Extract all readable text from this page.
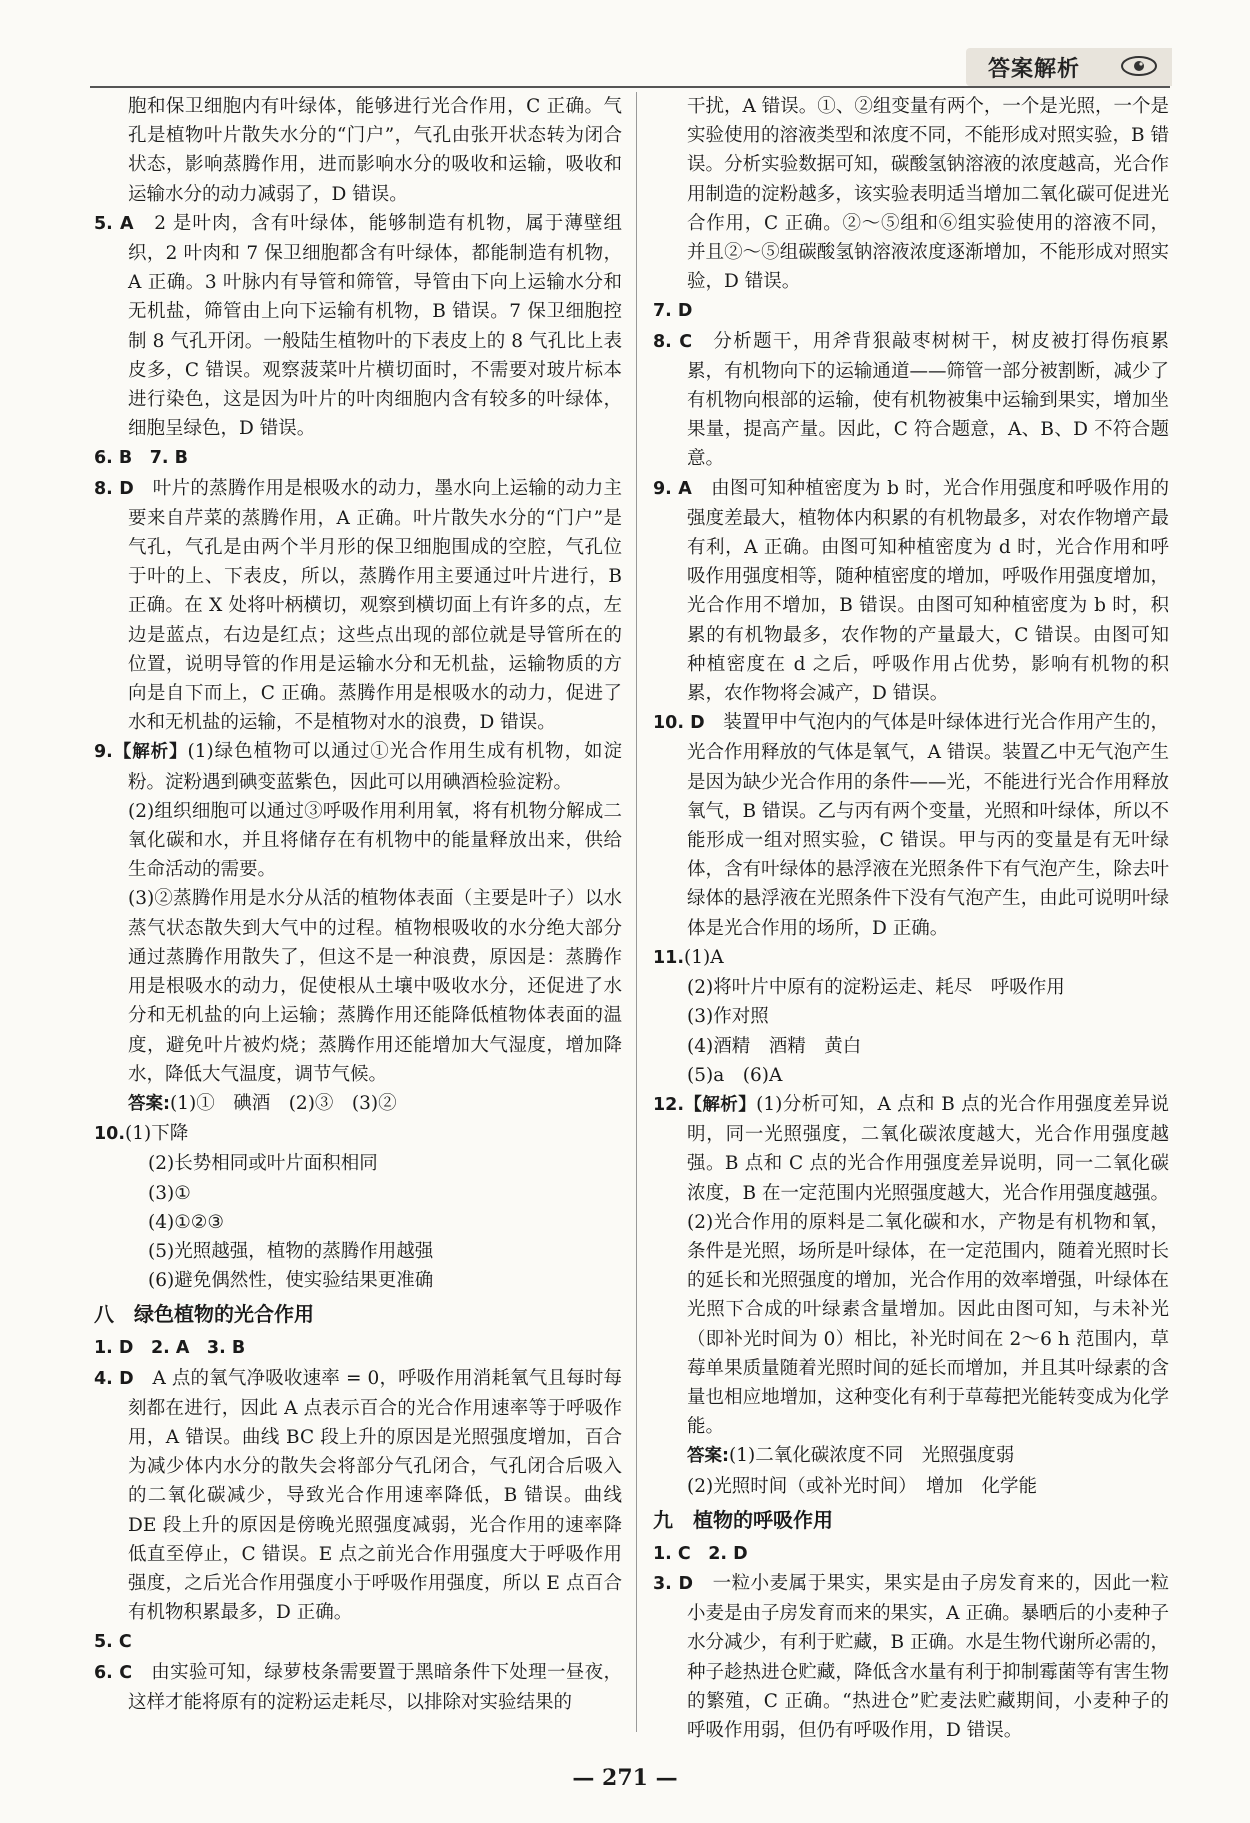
答案解析
胞和保卫细胞内有叶绿体，能够进行光合作用，C 正确。气孔是植物叶片散失水分的“门户”，气孔由张开状态转为闭合状态，影响蒸腾作用，进而影响水分的吸收和运输，吸收和运输水分的动力减弱了，D 错误。
5. A　2 是叶肉，含有叶绿体，能够制造有机物，属于薄壁组织，2 叶肉和 7 保卫细胞都含有叶绿体，都能制造有机物，A 正确。3 叶脉内有导管和筛管，导管由下向上运输水分和无机盐，筛管由上向下运输有机物，B 错误。7 保卫细胞控制 8 气孔开闭。一般陆生植物叶的下表皮上的 8 气孔比上表皮多，C 错误。观察菠菜叶片横切面时，不需要对玻片标本进行染色，这是因为叶片的叶肉细胞内含有较多的叶绿体，细胞呈绿色，D 错误。
6. B　7. B
8. D　叶片的蒸腾作用是根吸水的动力，墨水向上运输的动力主要来自芹菜的蒸腾作用，A 正确。叶片散失水分的“门户”是气孔，气孔是由两个半月形的保卫细胞围成的空腔，气孔位于叶的上、下表皮，所以，蒸腾作用主要通过叶片进行，B 正确。在 X 处将叶柄横切，观察到横切面上有许多的点，左边是蓝点，右边是红点；这些点出现的部位就是导管所在的位置，说明导管的作用是运输水分和无机盐，运输物质的方向是自下而上，C 正确。蒸腾作用是根吸水的动力，促进了水和无机盐的运输，不是植物对水的浪费，D 错误。
9.【解析】(1)绿色植物可以通过①光合作用生成有机物，如淀粉。淀粉遇到碘变蓝紫色，因此可以用碘酒检验淀粉。
(2)组织细胞可以通过③呼吸作用利用氧，将有机物分解成二氧化碳和水，并且将储存在有机物中的能量释放出来，供给生命活动的需要。
(3)②蒸腾作用是水分从活的植物体表面（主要是叶子）以水蒸气状态散失到大气中的过程。植物根吸收的水分绝大部分通过蒸腾作用散失了，但这不是一种浪费，原因是：蒸腾作用是根吸水的动力，促使根从土壤中吸收水分，还促进了水分和无机盐的向上运输；蒸腾作用还能降低植物体表面的温度，避免叶片被灼烧；蒸腾作用还能增加大气湿度，增加降水，降低大气温度，调节气候。
答案:(1)①　碘酒　(2)③　(3)②
10.(1)下降
(2)长势相同或叶片面积相同
(3)①
(4)①②③
(5)光照越强，植物的蒸腾作用越强
(6)避免偶然性，使实验结果更准确
八　绿色植物的光合作用
1. D　2. A　3. B
4. D　A 点的氧气净吸收速率 = 0，呼吸作用消耗氧气且每时每刻都在进行，因此 A 点表示百合的光合作用速率等于呼吸作用，A 错误。曲线 BC 段上升的原因是光照强度增加，百合为减少体内水分的散失会将部分气孔闭合，气孔闭合后吸入的二氧化碳减少，导致光合作用速率降低，B 错误。曲线 DE 段上升的原因是傍晚光照强度减弱，光合作用的速率降低直至停止，C 错误。E 点之前光合作用强度大于呼吸作用强度，之后光合作用强度小于呼吸作用强度，所以 E 点百合有机物积累最多，D 正确。
5. C
6. C　由实验可知，绿萝枝条需要置于黑暗条件下处理一昼夜，这样才能将原有的淀粉运走耗尽，以排除对实验结果的
干扰，A 错误。①、②组变量有两个，一个是光照，一个是实验使用的溶液类型和浓度不同，不能形成对照实验，B 错误。分析实验数据可知，碳酸氢钠溶液的浓度越高，光合作用制造的淀粉越多，该实验表明适当增加二氧化碳可促进光合作用，C 正确。②～⑤组和⑥组实验使用的溶液不同，并且②～⑤组碳酸氢钠溶液浓度逐渐增加，不能形成对照实验，D 错误。
7. D
8. C　分析题干，用斧背狠敲枣树树干，树皮被打得伤痕累累，有机物向下的运输通道——筛管一部分被割断，减少了有机物向根部的运输，使有机物被集中运输到果实，增加坐果量，提高产量。因此，C 符合题意，A、B、D 不符合题意。
9. A　由图可知种植密度为 b 时，光合作用强度和呼吸作用的强度差最大，植物体内积累的有机物最多，对农作物增产最有利，A 正确。由图可知种植密度为 d 时，光合作用和呼吸作用强度相等，随种植密度的增加，呼吸作用强度增加，光合作用不增加，B 错误。由图可知种植密度为 b 时，积累的有机物最多，农作物的产量最大，C 错误。由图可知种植密度在 d 之后，呼吸作用占优势，影响有机物的积累，农作物将会减产，D 错误。
10. D　装置甲中气泡内的气体是叶绿体进行光合作用产生的，光合作用释放的气体是氧气，A 错误。装置乙中无气泡产生是因为缺少光合作用的条件——光，不能进行光合作用释放氧气，B 错误。乙与丙有两个变量，光照和叶绿体，所以不能形成一组对照实验，C 错误。甲与丙的变量是有无叶绿体，含有叶绿体的悬浮液在光照条件下有气泡产生，除去叶绿体的悬浮液在光照条件下没有气泡产生，由此可说明叶绿体是光合作用的场所，D 正确。
11.(1)A
(2)将叶片中原有的淀粉运走、耗尽　呼吸作用
(3)作对照
(4)酒精　酒精　黄白
(5)a　(6)A
12.【解析】(1)分析可知，A 点和 B 点的光合作用强度差异说明，同一光照强度，二氧化碳浓度越大，光合作用强度越强。B 点和 C 点的光合作用强度差异说明，同一二氧化碳浓度，B 在一定范围内光照强度越大，光合作用强度越强。
(2)光合作用的原料是二氧化碳和水，产物是有机物和氧，条件是光照，场所是叶绿体，在一定范围内，随着光照时长的延长和光照强度的增加，光合作用的效率增强，叶绿体在光照下合成的叶绿素含量增加。因此由图可知，与未补光（即补光时间为 0）相比，补光时间在 2～6 h 范围内，草莓单果质量随着光照时间的延长而增加，并且其叶绿素的含量也相应地增加，这种变化有利于草莓把光能转变成为化学能。
答案:(1)二氧化碳浓度不同　光照强度弱
(2)光照时间（或补光时间）　增加　化学能
九　植物的呼吸作用
1. C　2. D
3. D　一粒小麦属于果实，果实是由子房发育来的，因此一粒小麦是由子房发育而来的果实，A 正确。暴晒后的小麦种子水分减少，有利于贮藏，B 正确。水是生物代谢所必需的，种子趁热进仓贮藏，降低含水量有利于抑制霉菌等有害生物的繁殖，C 正确。“热进仓”贮麦法贮藏期间，小麦种子的呼吸作用弱，但仍有呼吸作用，D 错误。
— 271 —
